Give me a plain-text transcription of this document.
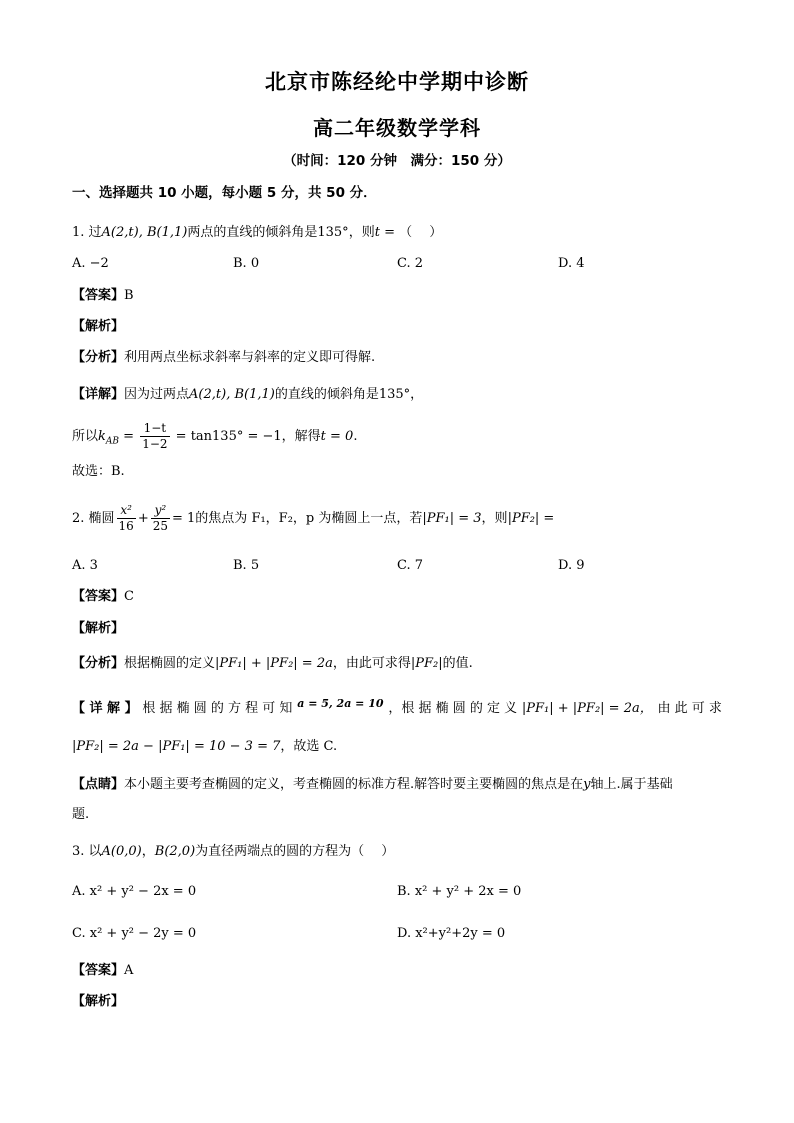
北京市陈经纶中学期中诊断
高二年级数学学科
（时间：120 分钟　满分：150 分）
一、选择题共 10 小题，每小题 5 分，共 50 分．
1. 过A(2,t), B(1,1)两点的直线的倾斜角是135°，则t = （　 ）
A. −2	B. 0	C. 2	D. 4
【答案】B
【解析】
【分析】利用两点坐标求斜率与斜率的定义即可得解.
【详解】因为过两点A(2,t), B(1,1)的直线的倾斜角是135°，
所以$k_{AB} = \frac{1-t}{1-2} = \tan 135^\circ = -1$，解得t = 0.
故选：B.
2. 椭圆 $\frac{\text{x²}}{16} + \frac{\text{y²}}{25} = 1$的焦点为 F₁，F₂，p 为椭圆上一点，若|PF₁| = 3，则|PF₂| =
A. 3	B. 5	C. 7	D. 9
【答案】C
【解析】
【分析】根据椭圆的定义|PF₁| + |PF₂| = 2a，由此可求得|PF₂|的值.
【 详 解 】 根 据 椭 圆 的 方 程 可 知 a = 5, 2a = 10 ，根 据 椭 圆 的 定 义 |PF₁| + |PF₂| = 2a， 由 此 可 求
|PF₂| = 2a − |PF₁| = 10 − 3 = 7，故选 C.
【点睛】本小题主要考查椭圆的定义，考查椭圆的标准方程.解答时要主要椭圆的焦点是在y轴上.属于基础
题.
3. 以A(0,0)，B(2,0)为直径两端点的圆的方程为（　 ）
A. x² + y² − 2x = 0	B. x² + y² + 2x = 0
C. x² + y² − 2y = 0	D. x²+y²+2y = 0
【答案】A
【解析】
